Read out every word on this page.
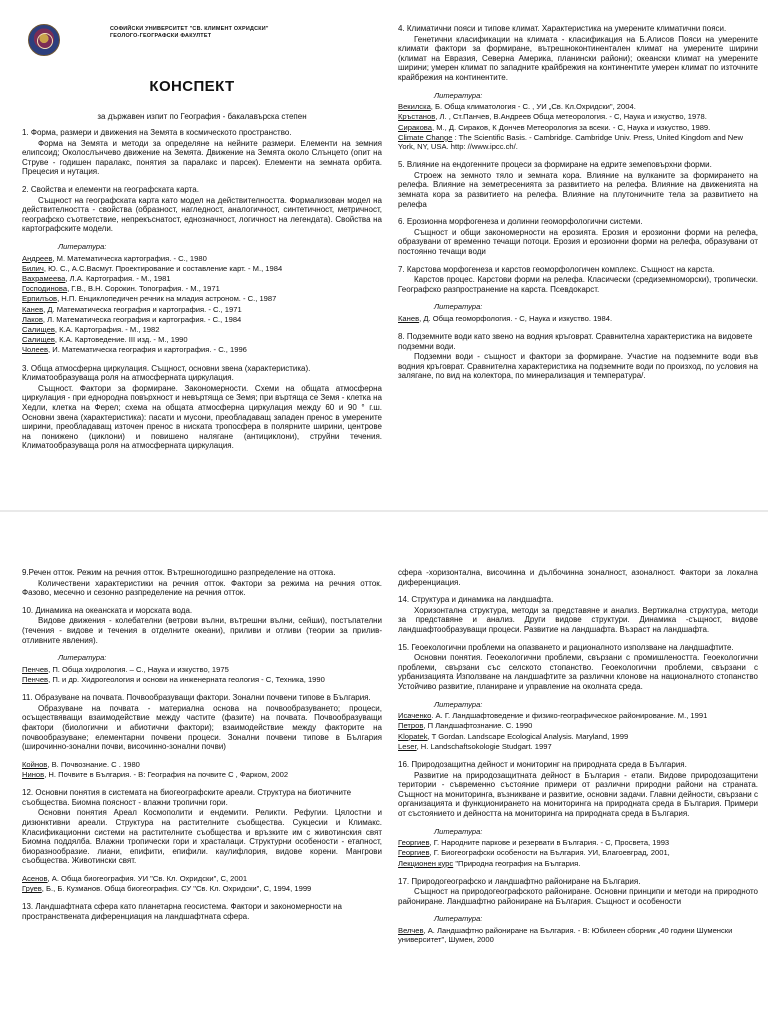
СОФИЙСКИ УНИВЕРСИТЕТ "СВ. КЛИМЕНТ ОХРИДСКИ"

ГЕОЛОГО-ГЕОГРАФСКИ ФАКУЛТЕТ

КОНСПЕКТ
за държавен изпит по География - бакалавърска степен
1. Форма, размери и движения на Земята в космическото пространство.

Форма на Земята и методи за определяне на нейните размери. Елементи на земния елипсоид; Околослънчево движение на Земята. Движение на Земята около Слънцето (опит на Струве - годишен паралакс, понятия за паралакс и парсек). Елементи на земната орбита. Прецесия и нутация.

2. Свойства и елементи на географската карта.

Същност на географската карта като модел на действителността. Формализован модел на действителността - свойства (образност, нагледност, аналогичност, синтетичност, метричност, географско съответствие, непрекъснатост, еднозначност, логичност на легендата). Свойства на картографските модели.

Литература:

Андреев, М. Математическа картография. - С., 1980

Билич, Ю. С., А.С.Васмут. Проектирование и составление карт. - М., 1984

Вахрамеева, Л.А. Картография. - М., 1981

Господинова, Г.В., В.Н. Сорокин. Топография. - М., 1971

Ерпилъов, Н.П. Енциклопедичен речник на младия астроном. - С., 1987

Канев, Д. Математическа география и картография. - С., 1971

Лаков, Л. Математическа география и картография. - С., 1984

Салищев, К.А. Картография. - М., 1982

Салищев, К.А. Картоведение. III изд. - М., 1990

Чолеев, И. Математическа география и картография. - С., 1996

3. Обща атмосферна циркулация. Същност, основни звена (характеристика). Климатообразуваща роля на атмосферната циркулация.

Същност. Фактори за формиране. Закономерности. Схеми на общата атмосферна циркулация - при еднородна повърхност и невъртяща се Земя; при въртяща се Земя - клетка на Хедли, клетка на Ферел; схема на общата атмосферна циркулация между 60 и 90 ° г.ш. Основни звена (характеристика): пасати и мусони, преобладаващ западен пренос в умерените ширини, преобладаващ източен пренос в ниската тропосфера в полярните ширини, центрове на понижено (циклони) и повишено налягане (антициклони), струйни течения. Климатообразуваща роля на атмосферната циркулация.

4. Климатични пояси и типове климат. Характеристика на умерените климатични пояси.

Генетични класификации на климата - класификация на Б.Алисов Пояси на умерените климати фактори за формиране, вътрешноконтинентален климат на умерените ширини (климат на Евразия, Северна Америка, планински райони); океански климат на умерените ширини; умерен климат по западните крайбрежия на континентите умерен климат по източните крайбрежия на континентите.

Литература:

Векилска, Б. Обща климатология - С. , УИ „Св. Кл.Охридски", 2004.

Кръстанов, Л. , Ст.Панчев, В.Андреев Обща метеорология. - С, Наука и изкуство, 1978.

Сиракова, М., Д. Сираков, К Дончев Метеорология за всеки. - С, Наука и изкуство, 1989.

Climate Change : The Scientific Basis. - Cambridge. Cambridge Univ. Press, United Kingdom and New York, NY, USA. http: //www.ipcc.ch/.

5. Влияние на ендогенните процеси за формиране на едрите земеповърхни форми.

Строеж на земното тяло и земната кора. Влияние на вулканите за формирането на релефа. Влияние на земетресенията за развитието на релефа. Влияние на движенията на земната кора за развитието на релефа. Влияние на плутоничните тела за развитието на релефа

6. Ерозионна морфогенеза и долинни геоморфологични системи.

Същност и общи закономерности на ерозията. Ерозия и ерозионни форми на релефа, образувани от временно течащи потоци. Ерозия и ерозионни форми на релефа, образувани от постоянно течащи води

7. Карстова морфогенеза и карстов геоморфологичен комплекс. Същност на карста.

Карстов процес. Карстови форми на релефа. Класически (средиземноморски), тропически. Географско разпространение на карста. Псевдокарст.

Литература:

Канев, Д. Обща геоморфология. - С, Наука и изкуство. 1984.

8. Подземните води като звено на водния кръговрат. Сравнителна характеристика на видовете подземни води.

Подземни води - същност и фактори за формиране. Участие на подземните води във водния кръговрат. Сравнителна характеристика на подземните води по произход, по условия на залягане, по вид на колектора, по минерализация и температура/.

9.Речен отток. Режим на речния отток. Вътрешногодишно разпределение на оттока.

Количествени характеристики на речния отток. Фактори за режима на речния отток. Фазово, месечно и сезонно разпределение на речния отток.

10. Динамика на океанската и морската вода.

Видове движения - колебателни (ветрови вълни, вътрешни вълни, сейши), постъпателни (течения - видове и течения в отделните океани), приливи и отливи (теории за прилив-отливните явления).

Литература:

Пенчев, П. Обща хидрология. – С., Наука и изкуство, 1975

Пенчев, П. и др. Хидрогеология и основи на инженерната геология - С, Техника, 1990

11. Образуване на почвата. Почвообразуващи фактори. Зонални почвени типове в България.

Образуване на почвата - материална основа на почвообразуването; процеси, осъществяващи взаимодействие между частите (фазите) на почвата. Почвообразуващи фактори (биологични и абиотични фактори); взаимодействие между факторите на почвообразуване; елементарни почвени процеси. Зонални почвени типове в България (широчинно-зонални почви, височинно-зонални почви)

Койнов, В. Почвознание. С . 1980

Нинов, Н. Почвите в България. - В: География на почвите С , Фарком, 2002

12. Основни понятия в системата на биогеографските ареали. Структура на биотичните съобщества. Биомна поясност - влажни тропични гори.

Основни понятия Ареал Космополити и ендемити. Реликти. Рефугии. Цялостни и дизюнктивни ареали. Структура на растителните съобщества. Сукцесии и Климакс. Класификационни системи на растителните съобщества и връзките им с животинския свят Биомна поддялба. Влажни тропически гори и храсталаци. Структурни особености - етапност, биоразнообразие. лиани, епифити, епифили. каулифлория, видове корени. Мангрови съобщества. Животински свят.

Асенов, А. Обща биогеография. УИ "Св. Кл. Охридски", С, 2001

Груев, Б., Б. Кузманов. Обща биогеография. СУ "Св. Кл. Охридски", С, 1994, 1999

13. Ландшафтната сфера като планетарна геосистема. Фактори и закономерности на пространствената диференциация на ландшафтната сфера.

сфера -хоризонтална, височинна и дълбочинна зоналност, азоналност. Фактори за локална диференциация.

14. Структура и динамика на ландшафта.

Хоризонтална структура, методи за представяне и анализ. Вертикална структура, методи за представяне и анализ. Други видове структури. Динамика -същност, видове ландшафтообразуващи процеси. Развитие на ландшафта. Възраст на ландшафта.

15. Геоекологични проблеми на опазването и рационалното използване на ландшафтите.

Основни понятия. Геоекологични проблеми, свързани с промишлеността. Геоекологични проблеми, свързани със селското стопанство. Геоекологични проблеми, свързани с урбанизацията Използване на ландшафтите за различни клонове на националното стопанство Устойчиво развитие, планиране и управление на околната среда.

Литература:

Исаченко. А. Г. Ландшафтоведение и физико-географическое районирование. М., 1991

Петров, П Ландшафтознание. С. 1990

Klopatek, T Gordan. Landscape Ecological Analysis. Maryland, 1999

Leser, H. Landschaftsokologie Studgart. 1997

16. Природозащитна дейност и мониторинг на природната среда в България.

Развитие на природозащитната дейност в България - етапи. Видове природозащитени територии - съвременно състояние примери от различни природни райони на страната. Същност на мониторинга, възникване и развитие, основни задачи. Главни дейности, свързани с организацията и функционирането на мониторинга на природната среда в България. Примери от състоянието и дейността на мониторинга на природната среда в България.

Литература:

Георгиев, Г. Народните паркове и резервати в България. - С, Просвета, 1993

Георгиев, Г. Биогеографски особености на България. УИ, Благоевград, 2001,

Лекционен курс "Природна география на България.

17. Природогеографско и ландшафтно райониране на България.

Същност на природогеографското райониране. Основни принципи и методи на природното райониране. Ландшафтно райониране на България. Същност и особености

Литература:

Велчев, А. Ландшафтно райониране на България. - В: Юбилеен сборник „40 години Шуменски университет", Шумен, 2000
